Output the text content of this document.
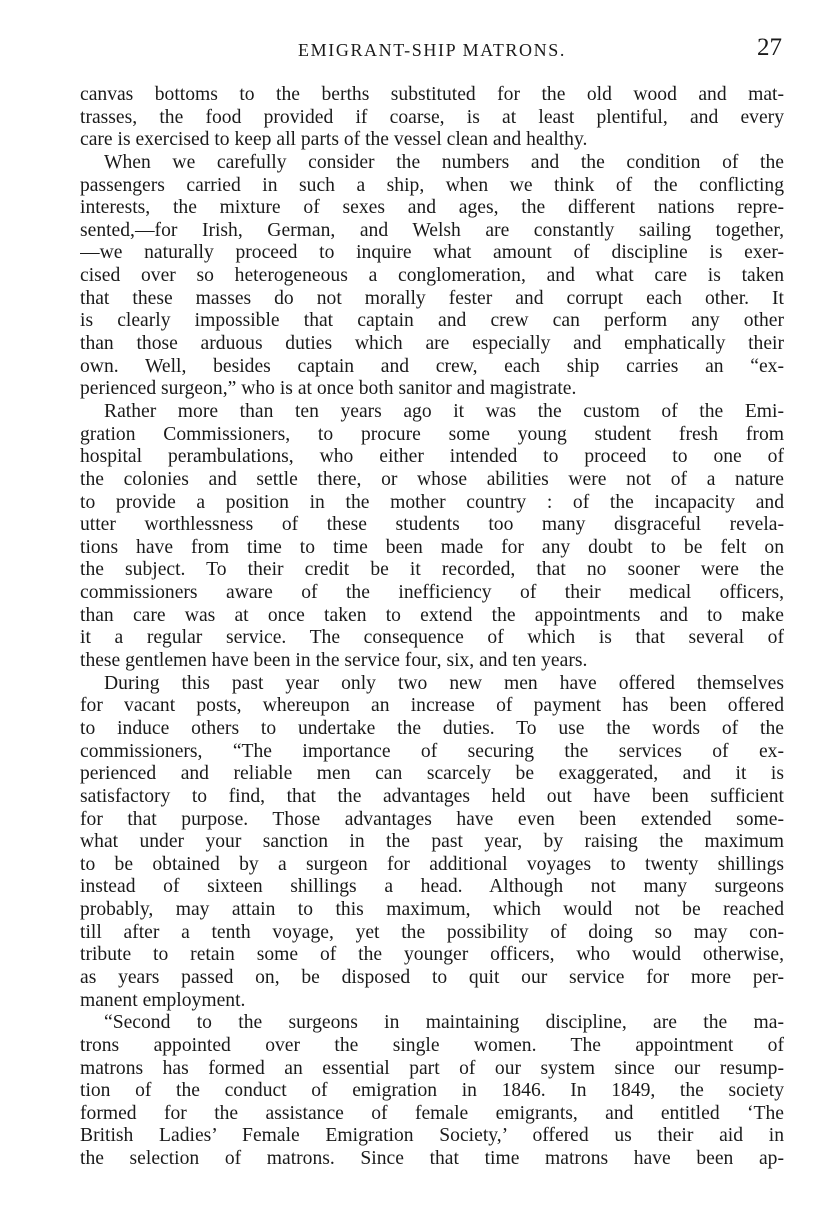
EMIGRANT-SHIP MATRONS.	27
canvas bottoms to the berths substituted for the old wood and mat-
trasses, the food provided if coarse, is at least plentiful, and every
care is exercised to keep all parts of the vessel clean and healthy.
When we carefully consider the numbers and the condition of the
passengers carried in such a ship, when we think of the conflicting
interests, the mixture of sexes and ages, the different nations repre-
sented,—for Irish, German, and Welsh are constantly sailing together,
—we naturally proceed to inquire what amount of discipline is exer-
cised over so heterogeneous a conglomeration, and what care is taken
that these masses do not morally fester and corrupt each other. It
is clearly impossible that captain and crew can perform any other
than those arduous duties which are especially and emphatically their
own. Well, besides captain and crew, each ship carries an “ex-
perienced surgeon,” who is at once both sanitor and magistrate.
Rather more than ten years ago it was the custom of the Emi-
gration Commissioners, to procure some young student fresh from
hospital perambulations, who either intended to proceed to one of
the colonies and settle there, or whose abilities were not of a nature
to provide a position in the mother country : of the incapacity and
utter worthlessness of these students too many disgraceful revela-
tions have from time to time been made for any doubt to be felt on
the subject. To their credit be it recorded, that no sooner were the
commissioners aware of the inefficiency of their medical officers,
than care was at once taken to extend the appointments and to make
it a regular service. The consequence of which is that several of
these gentlemen have been in the service four, six, and ten years.
During this past year only two new men have offered themselves
for vacant posts, whereupon an increase of payment has been offered
to induce others to undertake the duties. To use the words of the
commissioners, “The importance of securing the services of ex-
perienced and reliable men can scarcely be exaggerated, and it is
satisfactory to find, that the advantages held out have been sufficient
for that purpose. Those advantages have even been extended some-
what under your sanction in the past year, by raising the maximum
to be obtained by a surgeon for additional voyages to twenty shillings
instead of sixteen shillings a head. Although not many surgeons
probably, may attain to this maximum, which would not be reached
till after a tenth voyage, yet the possibility of doing so may con-
tribute to retain some of the younger officers, who would otherwise,
as years passed on, be disposed to quit our service for more per-
manent employment.
“Second to the surgeons in maintaining discipline, are the ma-
trons appointed over the single women. The appointment of
matrons has formed an essential part of our system since our resump-
tion of the conduct of emigration in 1846. In 1849, the society
formed for the assistance of female emigrants, and entitled ‘The
British Ladies’ Female Emigration Society,’ offered us their aid in
the selection of matrons. Since that time matrons have been ap-
